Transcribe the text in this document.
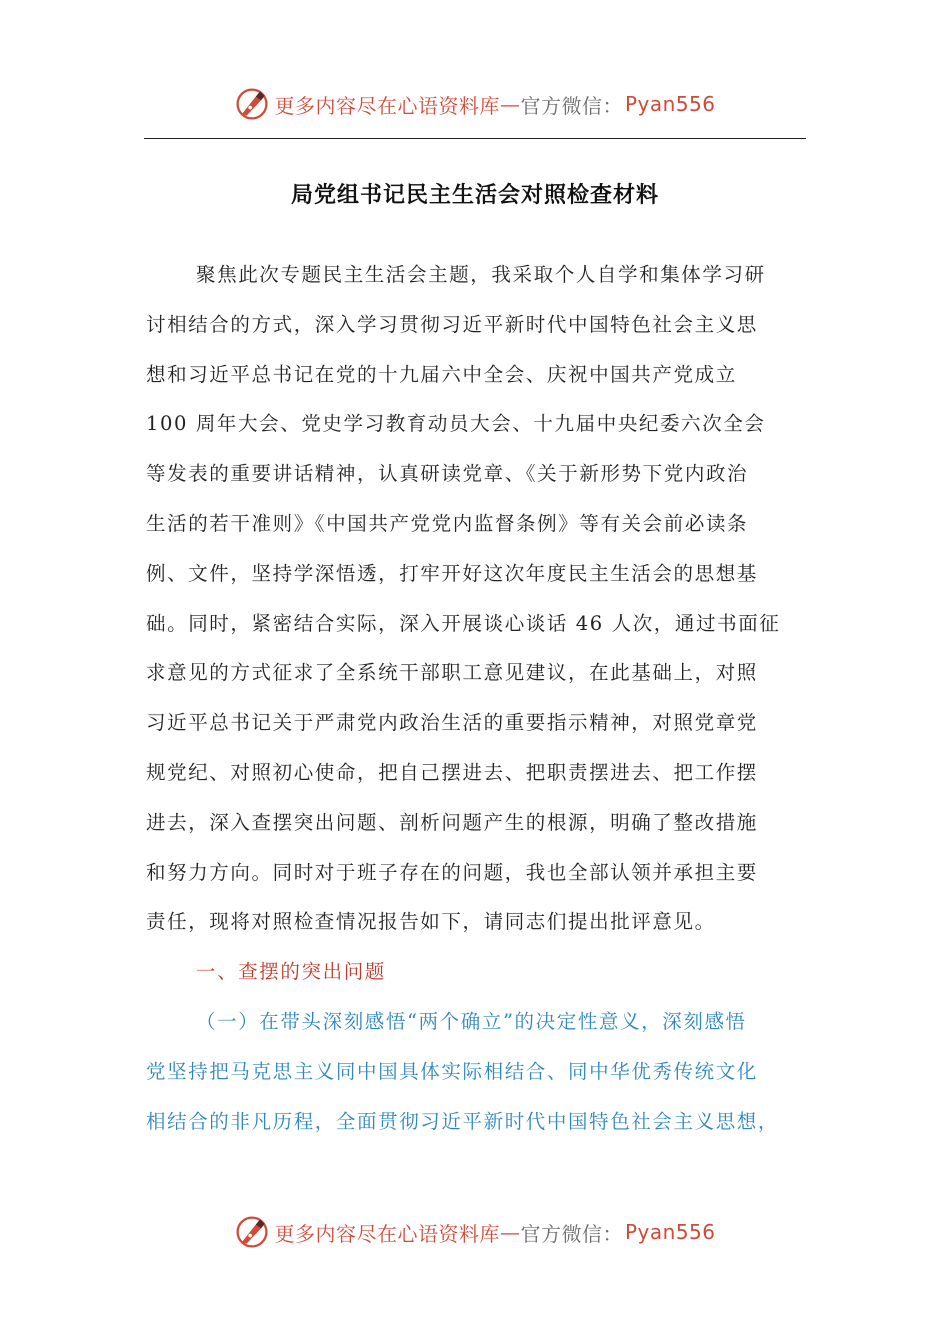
更多内容尽在心语资料库 — 官方微信： Pyan556
局党组书记民主生活会对照检查材料
聚焦此次专题民主生活会主题，我采取个人自学和集体学习研
讨相结合的方式，深入学习贯彻习近平新时代中国特色社会主义思
想和习近平总书记在党的十九届六中全会、庆祝中国共产党成立
100 周年大会、党史学习教育动员大会、十九届中央纪委六次全会
等发表的重要讲话精神，认真研读党章、《关于新形势下党内政治
生活的若干准则》《中国共产党党内监督条例》等有关会前必读条
例、文件，坚持学深悟透，打牢开好这次年度民主生活会的思想基
础。同时，紧密结合实际，深入开展谈心谈话 46 人次，通过书面征
求意见的方式征求了全系统干部职工意见建议，在此基础上，对照
习近平总书记关于严肃党内政治生活的重要指示精神，对照党章党
规党纪、对照初心使命，把自己摆进去、把职责摆进去、把工作摆
进去，深入查摆突出问题、剖析问题产生的根源，明确了整改措施
和努力方向。同时对于班子存在的问题，我也全部认领并承担主要
责任，现将对照检查情况报告如下，请同志们提出批评意见。
一、查摆的突出问题
（一）在带头深刻感悟“两个确立”的决定性意义，深刻感悟
党坚持把马克思主义同中国具体实际相结合、同中华优秀传统文化
相结合的非凡历程，全面贯彻习近平新时代中国特色社会主义思想，
更多内容尽在心语资料库 — 官方微信： Pyan556
